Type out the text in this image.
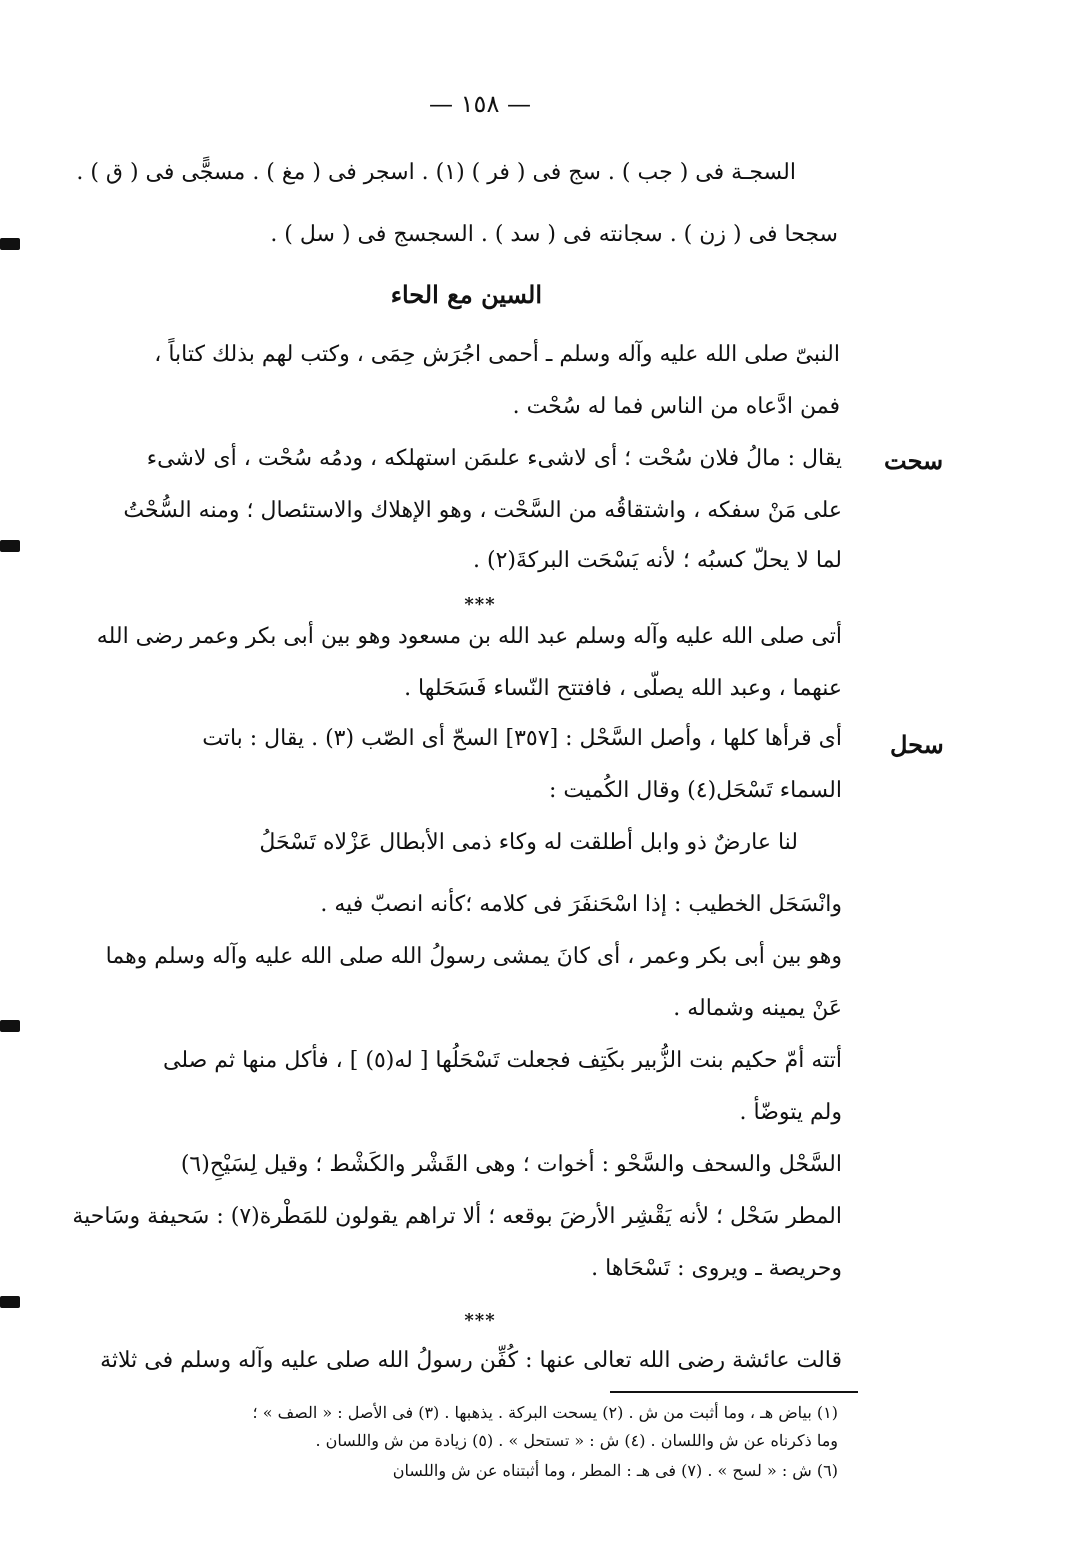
— ١٥٨ —
السجـة فى ( جب ) . سج فى ( فر ) (١) . اسجر فى ( مغ ) . مسجًّى فى ( ق ) .
سجحا فى ( زن ) . سجانته فى ( سد ) . السجسج فى ( سل ) .
السين مع الحاء
النبىّ صلى الله عليه وآله وسلم ـ أحمى اجُرَش حِمَى ، وكتب لهم بذلك كتاباً ،
فمن ادَّعاه من الناس فما له سُحْت .
سحت
يقال : مالُ فلان سُحْت ؛ أى لاشىء علىمَن استهلكه ، ودمُه سُحْت ، أى لاشىء
على مَنْ سفكه ، واشتقاقُه من السَّحْت ، وهو الإهلاك والاستئصال ؛ ومنه السُّحْتُ
لما لا يحلّ كسبُه ؛ لأنه يَسْحَت البركةَ(٢) .
***
أتى صلى الله عليه وآله وسلم عبد الله بن مسعود وهو بين أبى بكر وعمر رضى الله
عنهما ، وعبد الله يصلّى ، فافتتح النّساء فَسَحَلها .
سحل
أى قرأها كلها ، وأصل السَّحْل : [٣٥٧] السحّ أى الصّب (٣) . يقال : باتت
السماء تَسْحَل(٤) وقال الكُميت :
لنا عارضٌ ذو وابل أطلقت له وكاء ذمى الأبطال عَزْلاه تَسْحَلُ
وانْسَحَل الخطيب : إذا اسْحَنفَرَ فى كلامه ؛كأنه انصبّ فيه .
وهو بين أبى بكر وعمر ، أى كانَ يمشى رسولُ الله صلى الله عليه وآله وسلم وهما
عَنْ يمينه وشماله .
أتته أمّ حكيم بنت الزُّبير بكَتِف فجعلت تَسْحَلُها [ له(٥) ] ، فأكل منها ثم صلى
ولم يتوضّأ .
السَّحْل والسحف والسَّحْو : أخوات ؛ وهى القَشْر والكَشْط ؛ وقيل لِسَيْحِ(٦)
المطر سَحْل ؛ لأنه يَقْشِر الأرضَ بوقعه ؛ ألا تراهم يقولون للمَطْرة(٧) : سَحيفة وسَاحية
وحريصة ـ ويروى : تَسْحَاها .
***
قالت عائشة رضى الله تعالى عنها : كُفِّن رسولُ الله صلى عليه وآله وسلم فى ثلاثة
(١) بياض هـ ، وما أثبت من ش . (٢) يسحت البركة . يذهبها . (٣) فى الأصل : « الصف » ؛
وما ذكرناه عن ش واللسان . (٤) ش : « تستحل » . (٥) زيادة من ش واللسان .
(٦) ش : « لسح » . (٧) فى هـ : المطر ، وما أثبتناه عن ش واللسان
